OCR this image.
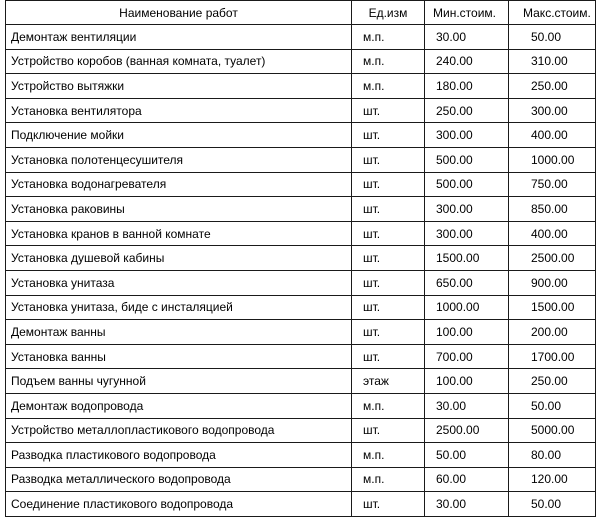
Наименование работ	Ед.изм	Мин.стоим.	Макс.стоим.
Демонтаж вентиляции	м.п.	30.00	50.00
Устройство коробов (ванная комната, туалет)	м.п.	240.00	310.00
Устройство вытяжки	м.п.	180.00	250.00
Установка вентилятора	шт.	250.00	300.00
Подключение мойки	шт.	300.00	400.00
Установка полотенцесушителя	шт.	500.00	1000.00
Установка водонагревателя	шт.	500.00	750.00
Установка раковины	шт.	300.00	850.00
Установка кранов в ванной комнате	шт.	300.00	400.00
Установка душевой кабины	шт.	1500.00	2500.00
Установка унитаза	шт.	650.00	900.00
Установка унитаза, биде с инсталяцией	шт.	1000.00	1500.00
Демонтаж ванны	шт.	100.00	200.00
Установка ванны	шт.	700.00	1700.00
Подъем ванны чугунной	этаж	100.00	250.00
Демонтаж водопровода	м.п.	30.00	50.00
Устройство металлопластикового водопровода	шт.	2500.00	5000.00
Разводка пластикового водопровода	м.п.	50.00	80.00
Разводка металлического водопровода	м.п.	60.00	120.00
Соединение пластикового водопровода	шт.	30.00	50.00
